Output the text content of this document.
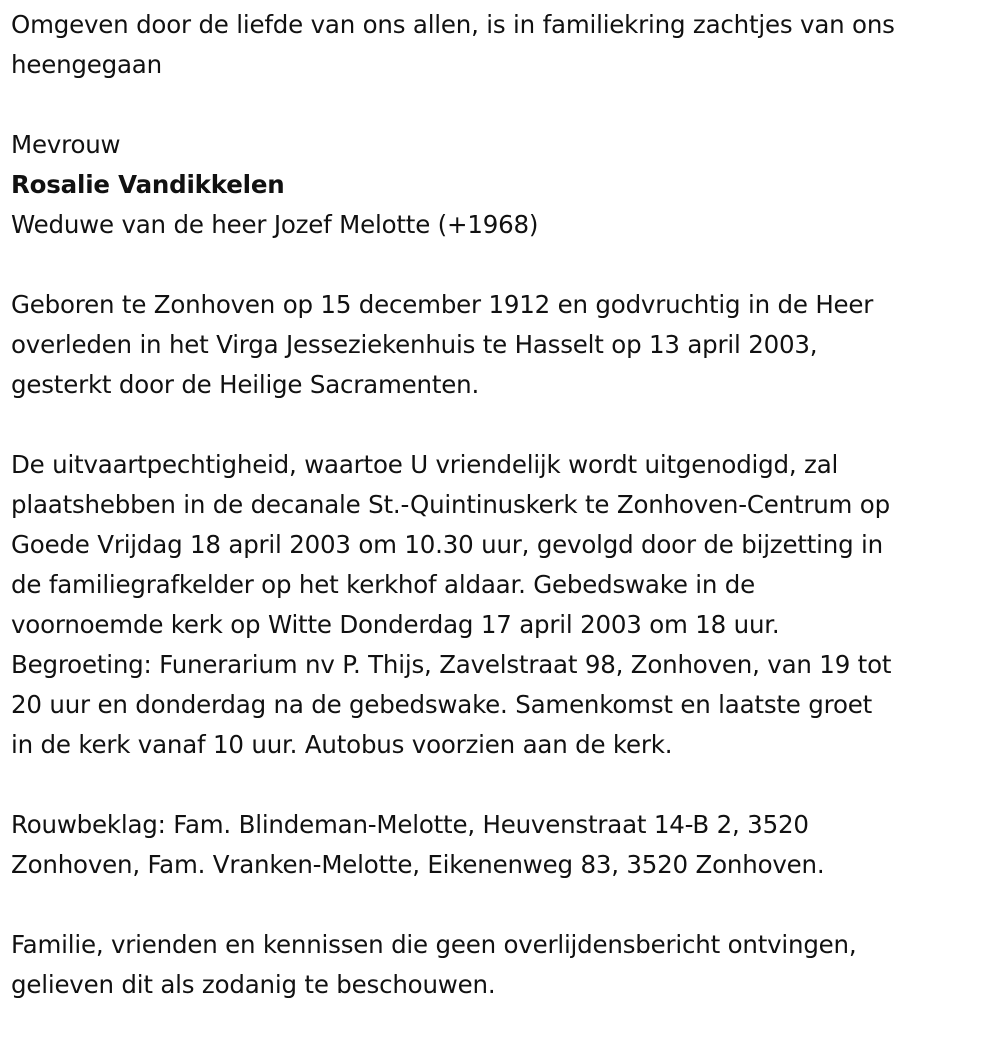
Omgeven door de liefde van ons allen, is in familiekring zachtjes van ons
heengegaan

Mevrouw
Rosalie Vandikkelen
Weduwe van de heer Jozef Melotte (+1968)

Geboren te Zonhoven op 15 december 1912 en godvruchtig in de Heer
overleden in het Virga Jesseziekenhuis te Hasselt op 13 april 2003,
gesterkt door de Heilige Sacramenten.

De uitvaartpechtigheid, waartoe U vriendelijk wordt uitgenodigd, zal
plaatshebben in de decanale St.-Quintinuskerk te Zonhoven-Centrum op
Goede Vrijdag 18 april 2003 om 10.30 uur, gevolgd door de bijzetting in
de familiegrafkelder op het kerkhof aldaar. Gebedswake in de
voornoemde kerk op Witte Donderdag 17 april 2003 om 18 uur.
Begroeting: Funerarium nv P. Thijs, Zavelstraat 98, Zonhoven, van 19 tot
20 uur en donderdag na de gebedswake. Samenkomst en laatste groet
in de kerk vanaf 10 uur. Autobus voorzien aan de kerk.

Rouwbeklag: Fam. Blindeman-Melotte, Heuvenstraat 14-B 2, 3520
Zonhoven, Fam. Vranken-Melotte, Eikenenweg 83, 3520 Zonhoven.

Familie, vrienden en kennissen die geen overlijdensbericht ontvingen,
gelieven dit als zodanig te beschouwen.
